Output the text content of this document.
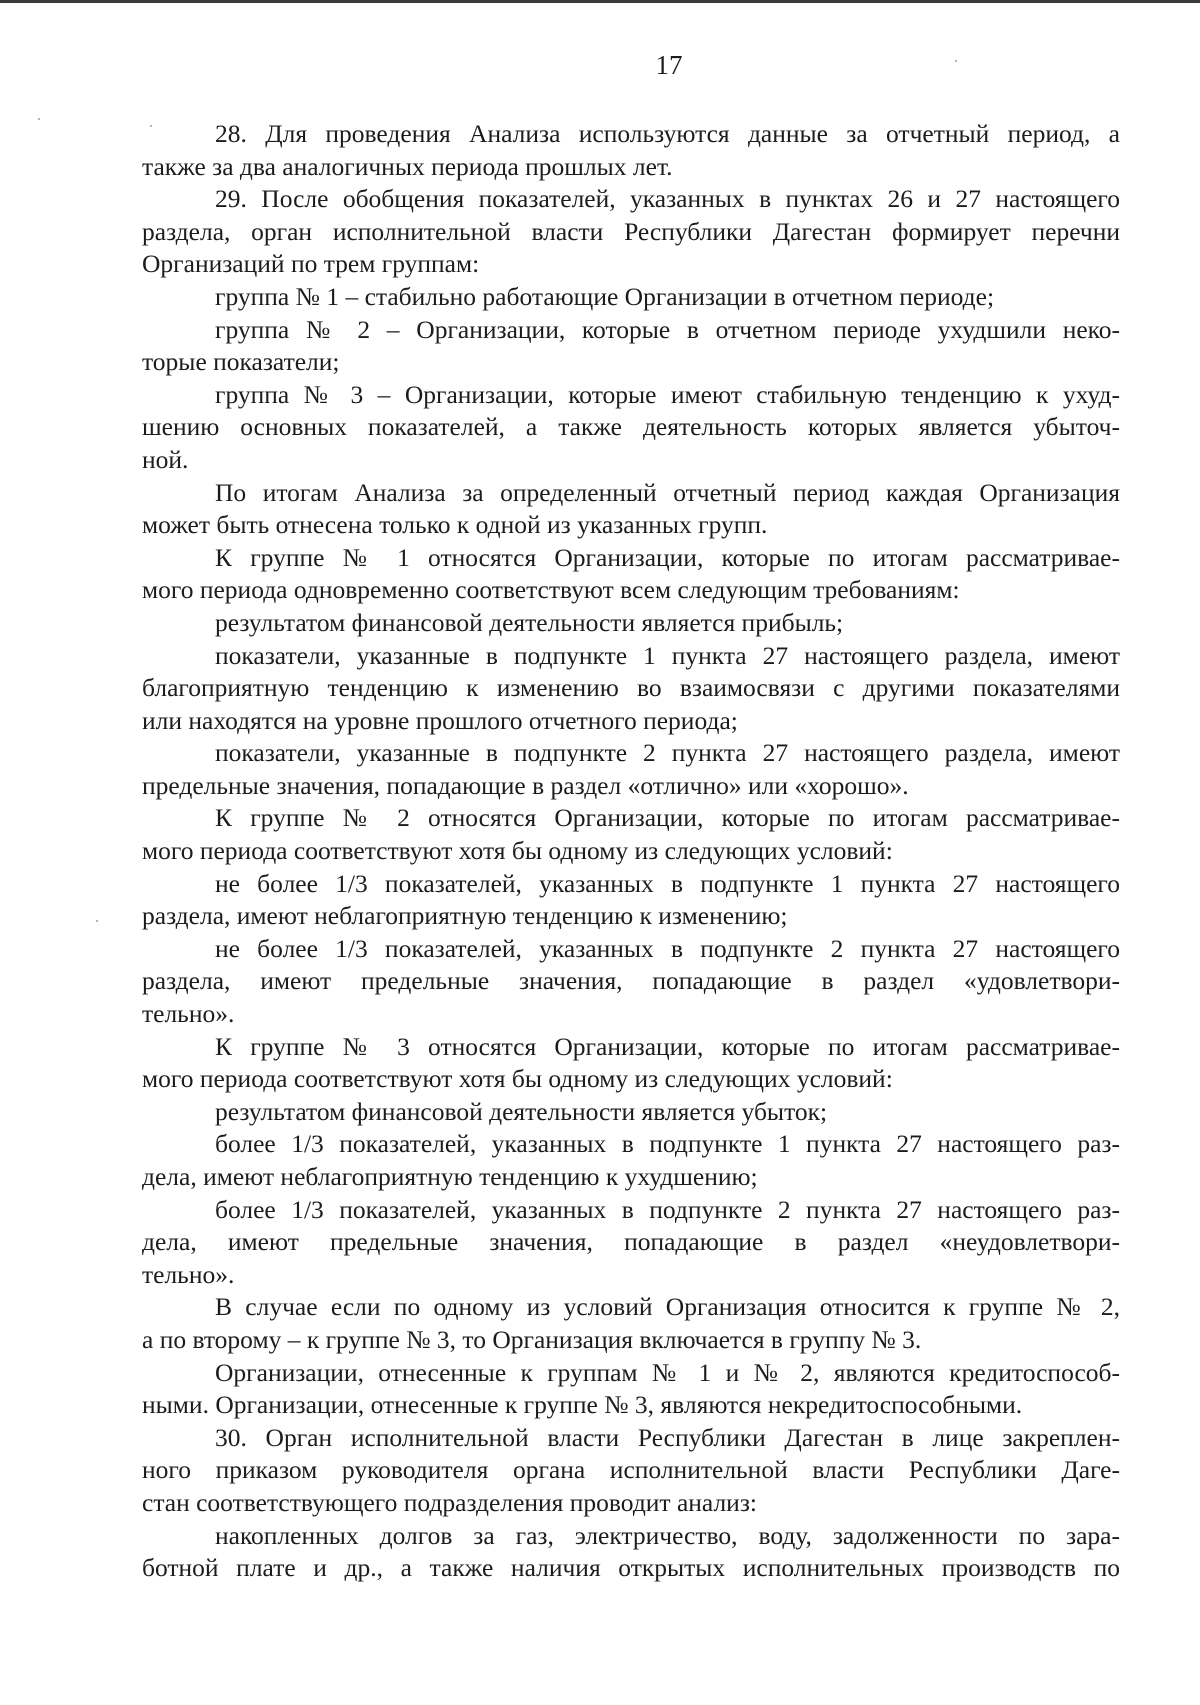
17

28. Для проведения Анализа используются данные за отчетный период, а
также за два аналогичных периода прошлых лет.

29. После обобщения показателей, указанных в пунктах 26 и 27 настоящего
раздела, орган исполнительной власти Республики Дагестан формирует перечни
Организаций по трем группам:

группа № 1 – стабильно работающие Организации в отчетном периоде;

группа № 2 – Организации, которые в отчетном периоде ухудшили неко-
торые показатели;

группа № 3 – Организации, которые имеют стабильную тенденцию к ухуд-
шению основных показателей, а также деятельность которых является убыточ-
ной.

По итогам Анализа за определенный отчетный период каждая Организация
может быть отнесена только к одной из указанных групп.

К группе № 1 относятся Организации, которые по итогам рассматривае-
мого периода одновременно соответствуют всем следующим требованиям:

результатом финансовой деятельности является прибыль;

показатели, указанные в подпункте 1 пункта 27 настоящего раздела, имеют
благоприятную тенденцию к изменению во взаимосвязи с другими показателями
или находятся на уровне прошлого отчетного периода;

показатели, указанные в подпункте 2 пункта 27 настоящего раздела, имеют
предельные значения, попадающие в раздел «отлично» или «хорошо».

К группе № 2 относятся Организации, которые по итогам рассматривае-
мого периода соответствуют хотя бы одному из следующих условий:

не более 1/3 показателей, указанных в подпункте 1 пункта 27 настоящего
раздела, имеют неблагоприятную тенденцию к изменению;

не более 1/3 показателей, указанных в подпункте 2 пункта 27 настоящего
раздела, имеют предельные значения, попадающие в раздел «удовлетвори-
тельно».

К группе № 3 относятся Организации, которые по итогам рассматривае-
мого периода соответствуют хотя бы одному из следующих условий:

результатом финансовой деятельности является убыток;

более 1/3 показателей, указанных в подпункте 1 пункта 27 настоящего раз-
дела, имеют неблагоприятную тенденцию к ухудшению;

более 1/3 показателей, указанных в подпункте 2 пункта 27 настоящего раз-
дела, имеют предельные значения, попадающие в раздел «неудовлетвори-
тельно».

В случае если по одному из условий Организация относится к группе № 2,
а по второму – к группе № 3, то Организация включается в группу № 3.

Организации, отнесенные к группам № 1 и № 2, являются кредитоспособ-
ными. Организации, отнесенные к группе № 3, являются некредитоспособными.

30. Орган исполнительной власти Республики Дагестан в лице закреплен-
ного приказом руководителя органа исполнительной власти Республики Даге-
стан соответствующего подразделения проводит анализ:

накопленных долгов за газ, электричество, воду, задолженности по зара-
ботной плате и др., а также наличия открытых исполнительных производств по
